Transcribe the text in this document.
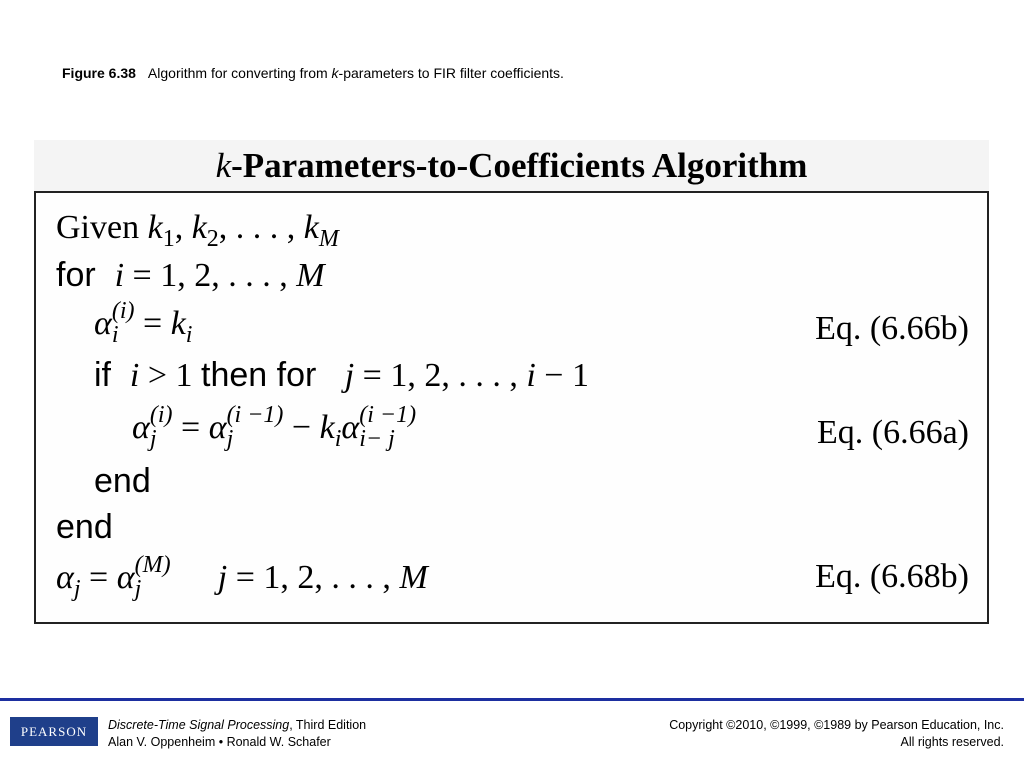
Figure 6.38 Algorithm for converting from k-parameters to FIR filter coefficients.
k-Parameters-to-Coefficients Algorithm
Given k1, k2, . . . , kM
for i = 1, 2, . . . , M
α (i)
i = ki	Eq. (6.66b)
if i > 1 then for j = 1, 2, . . . , i − 1
α (i)
j = α (i −1)
j	− kiα (i −1)
i− j	Eq. (6.66a)
end
end
αj = α (M)
j	j = 1, 2, . . . , M	Eq. (6.68b)
PEARSON	Discrete-Time Signal Processing, Third Edition
Alan V. Oppenheim • Ronald W. Schafer
Copyright ©2010, ©1999, ©1989 by Pearson Education, Inc.
All rights reserved.
